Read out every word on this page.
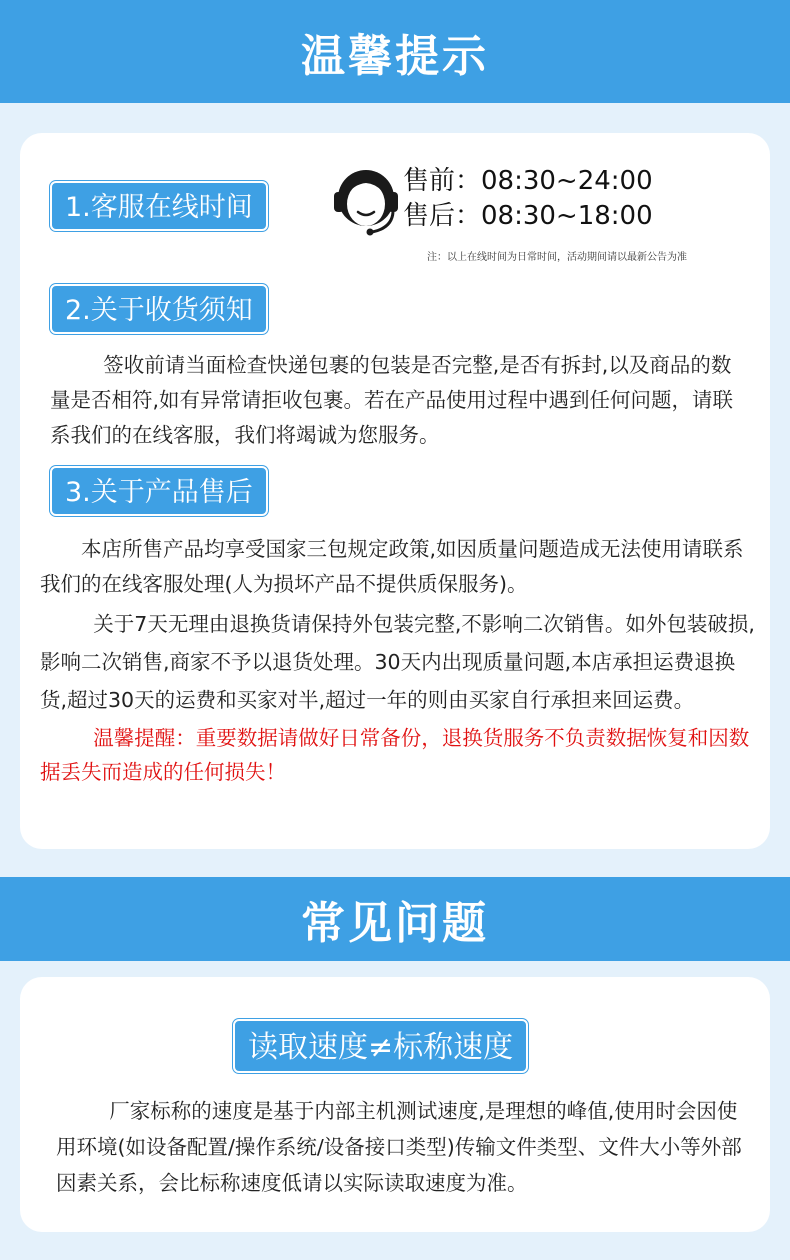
温馨提示
1.客服在线时间
售前：08:30~24:00
售后：08:30~18:00
注：以上在线时间为日常时间，活动期间请以最新公告为准
2.关于收货须知

签收前请当面检查快递包裹的包装是否完整,是否有拆封,以及商品的数量是否相符,如有异常请拒收包裹。若在产品使用过程中遇到任何问题，请联系我们的在线客服，我们将竭诚为您服务。

3.关于产品售后

本店所售产品均享受国家三包规定政策,如因质量问题造成无法使用请联系我们的在线客服处理(人为损坏产品不提供质保服务)。

关于7天无理由退换货请保持外包装完整,不影响二次销售。如外包装破损,影响二次销售,商家不予以退货处理。30天内出现质量问题,本店承担运费退换货,超过30天的运费和买家对半,超过一年的则由买家自行承担来回运费。

温馨提醒：重要数据请做好日常备份，退换货服务不负责数据恢复和因数据丢失而造成的任何损失！

常见问题
读取速度≠标称速度

厂家标称的速度是基于内部主机测试速度,是理想的峰值,使用时会因使用环境(如设备配置/操作系统/设备接口类型)传输文件类型、文件大小等外部因素关系，会比标称速度低请以实际读取速度为准。
